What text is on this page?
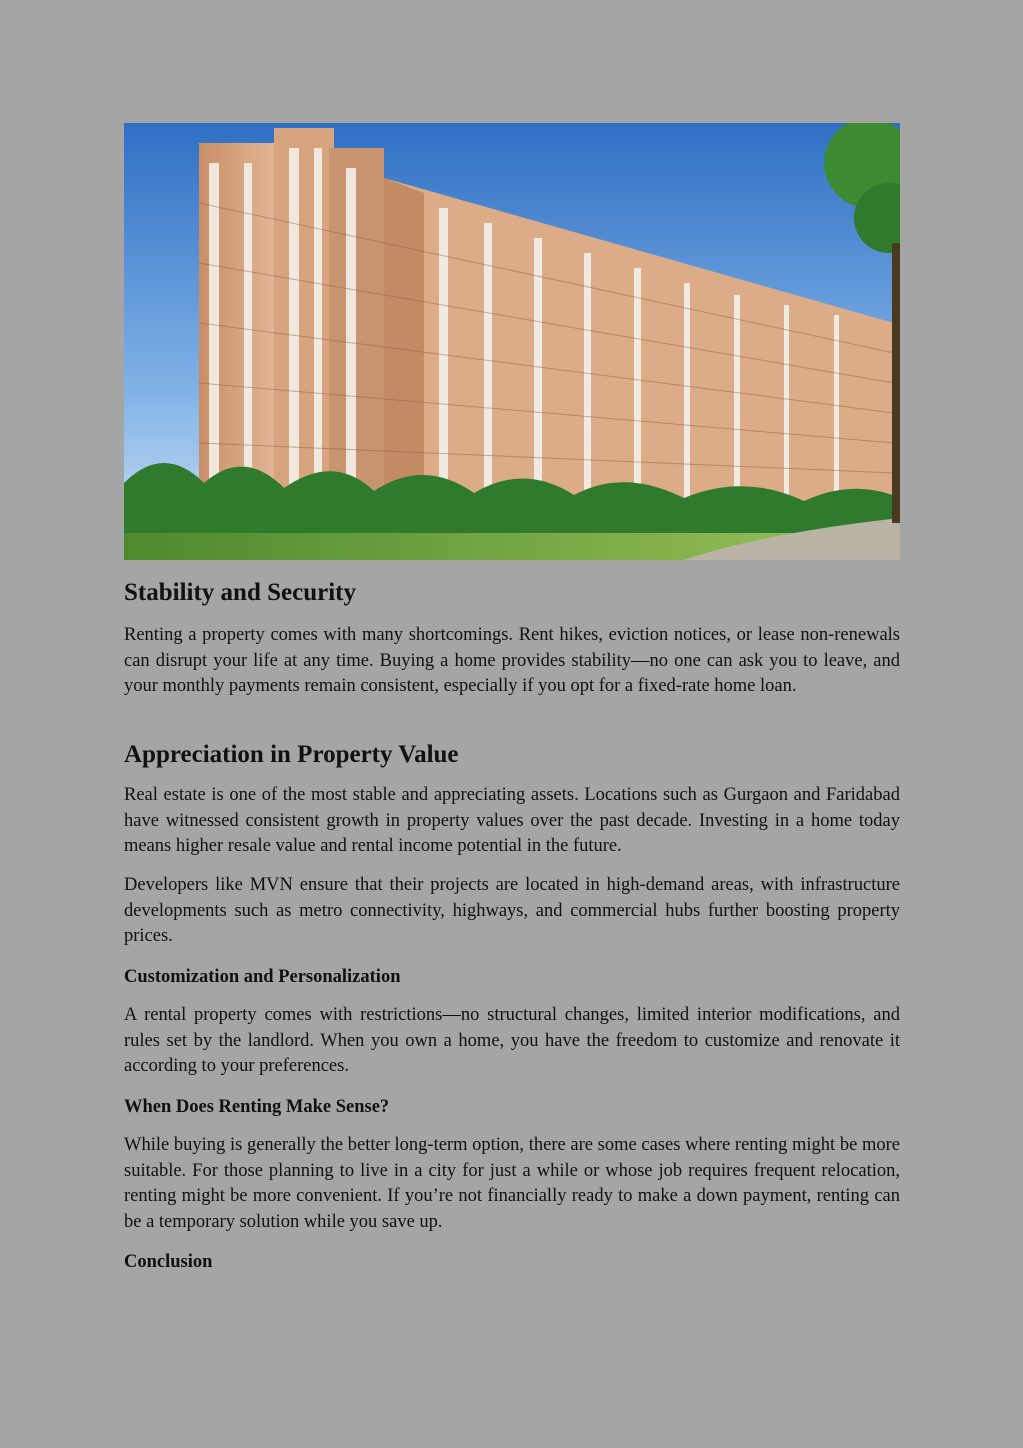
Stability and Security

Renting a property comes with many shortcomings. Rent hikes, eviction notices, or lease non-renewals can disrupt your life at any time. Buying a home provides stability—no one can ask you to leave, and your monthly payments remain consistent, especially if you opt for a fixed-rate home loan.

Appreciation in Property Value

Real estate is one of the most stable and appreciating assets. Locations such as Gurgaon and Faridabad have witnessed consistent growth in property values over the past decade. Investing in a home today means higher resale value and rental income potential in the future.

Developers like MVN ensure that their projects are located in high-demand areas, with infrastructure developments such as metro connectivity, highways, and commercial hubs further boosting property prices.

Customization and Personalization

A rental property comes with restrictions—no structural changes, limited interior modifications, and rules set by the landlord. When you own a home, you have the freedom to customize and renovate it according to your preferences.

When Does Renting Make Sense?

While buying is generally the better long-term option, there are some cases where renting might be more suitable. For those planning to live in a city for just a while or whose job requires frequent relocation, renting might be more convenient. If you’re not financially ready to make a down payment, renting can be a temporary solution while you save up.

Conclusion
